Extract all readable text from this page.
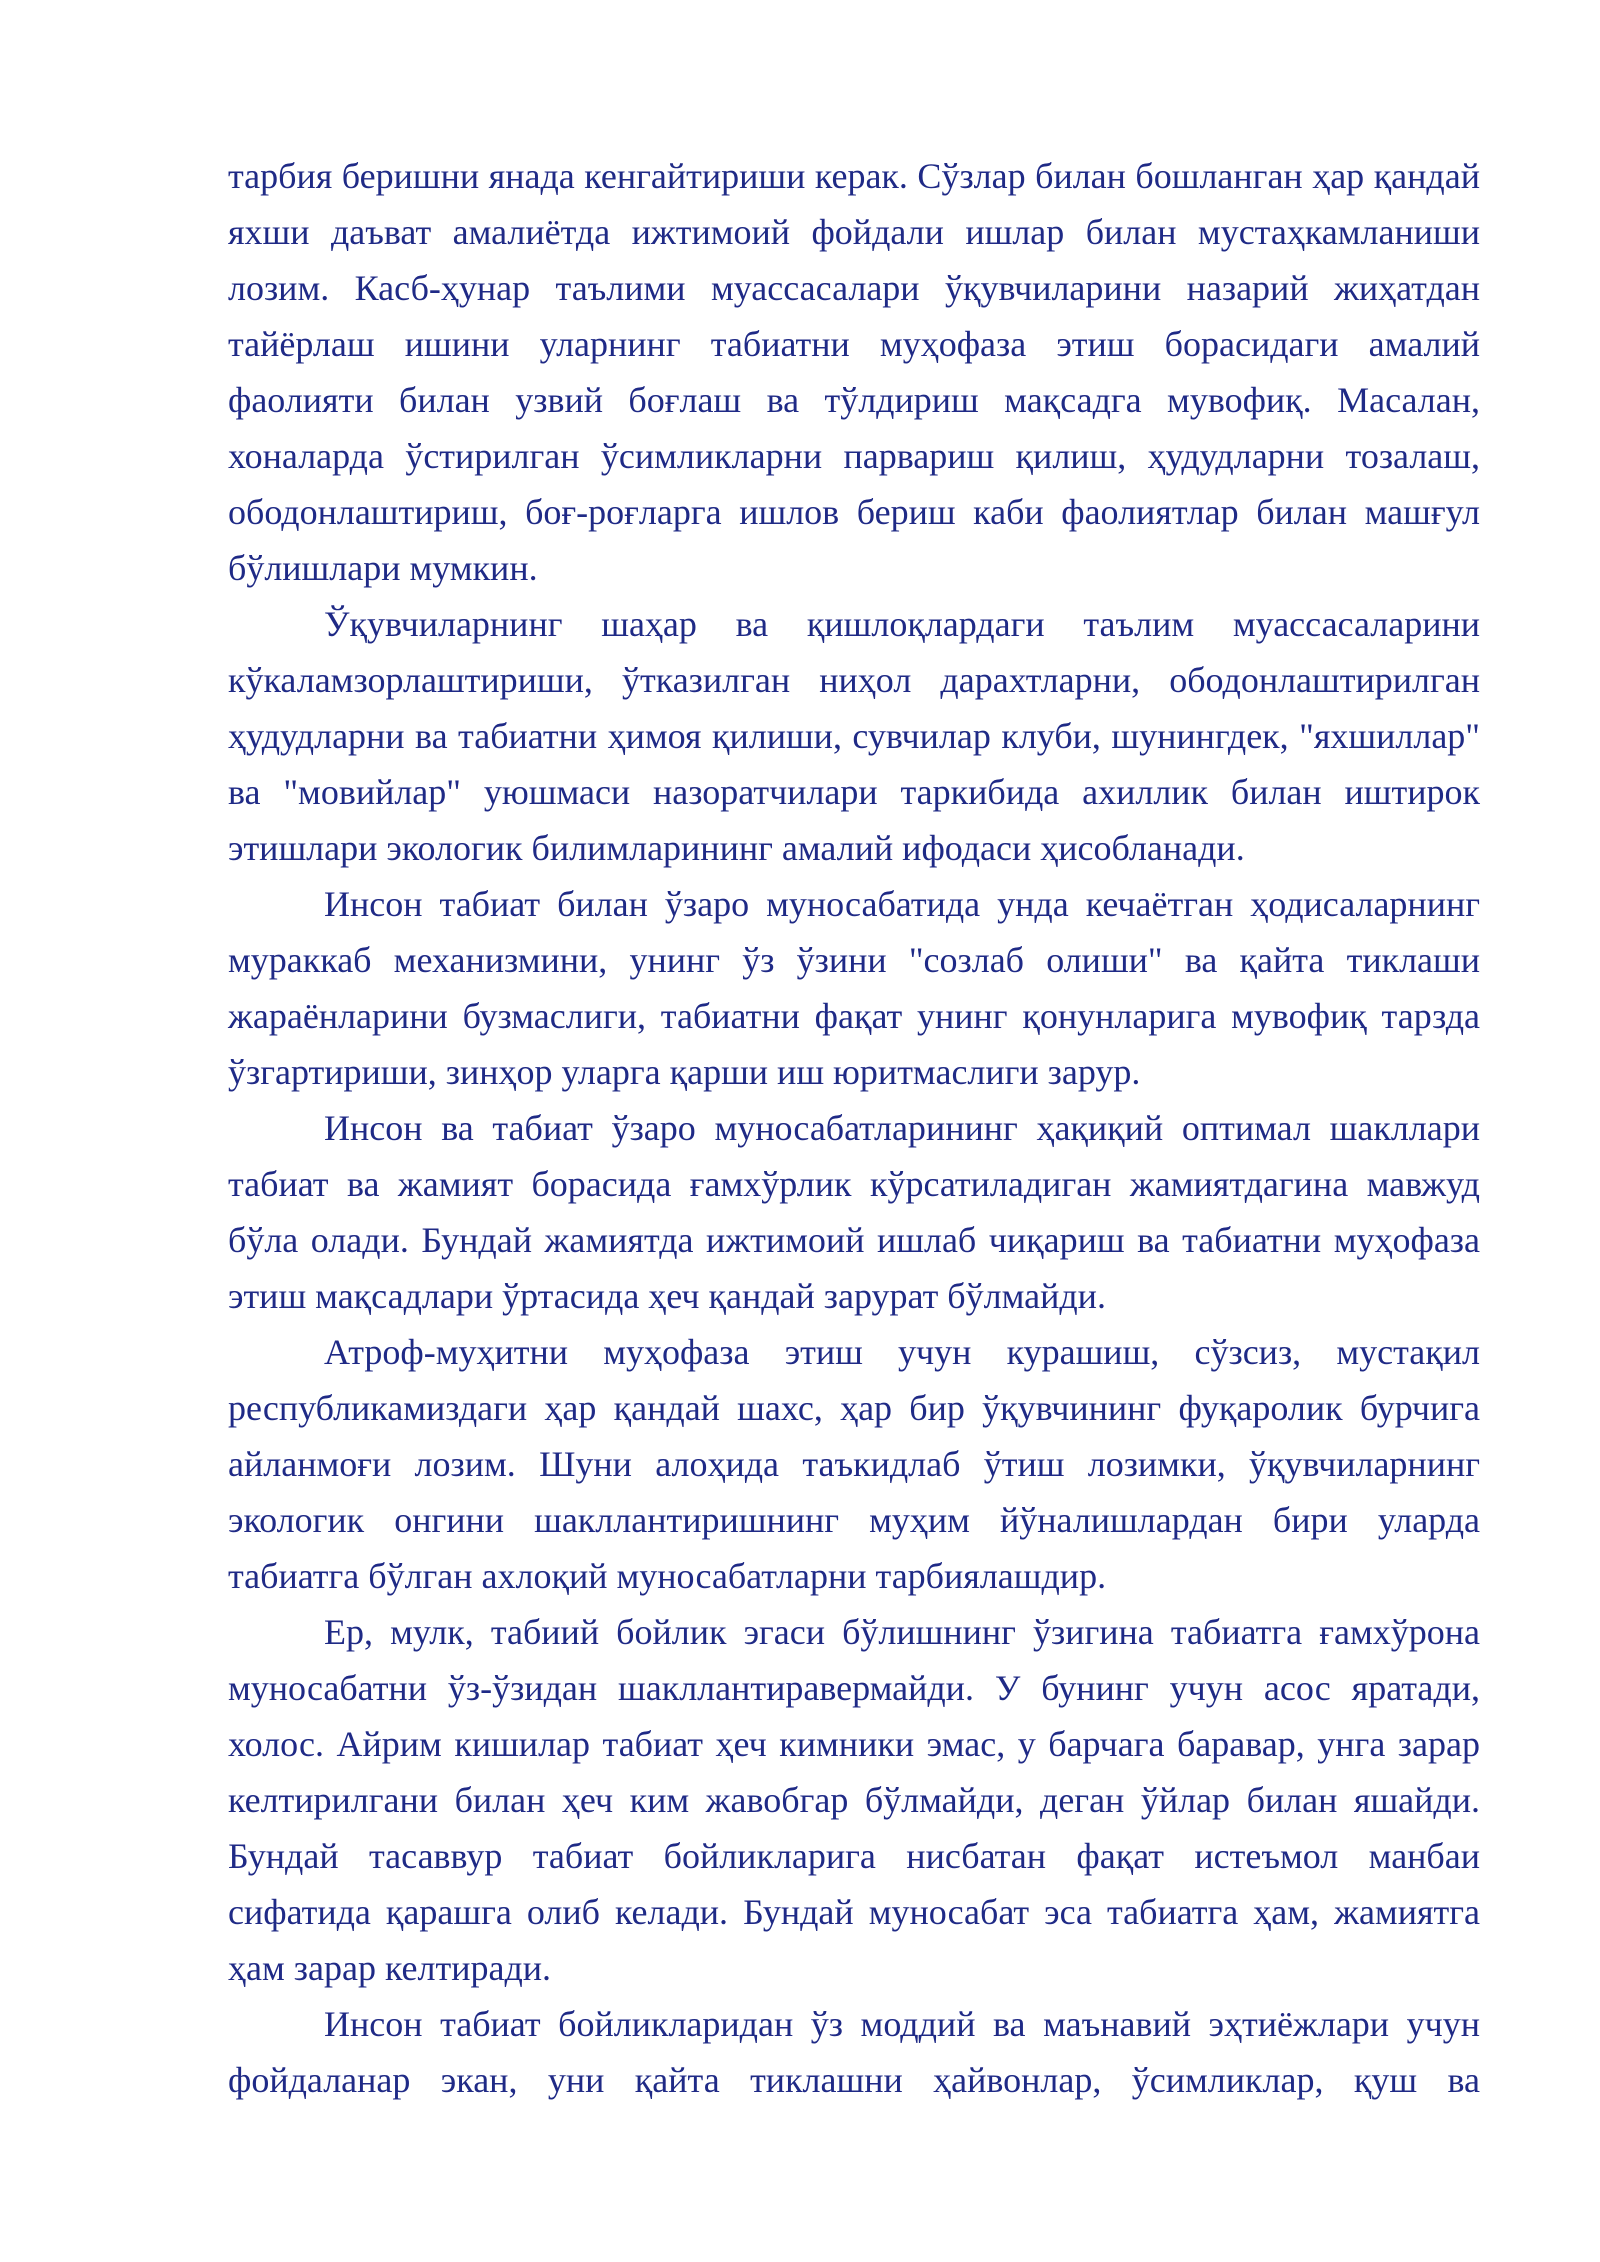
тарбия беришни янада кенгайтириши керак. Сўзлар билан бошланган ҳар қандай яхши даъват амалиётда ижтимоий фойдали ишлар билан мустаҳкамланиши лозим. Касб-ҳунар таълими муассасалари ўқувчиларини назарий жиҳатдан тайёрлаш ишини уларнинг табиатни муҳофаза этиш борасидаги амалий фаолияти билан узвий боғлаш ва тўлдириш мақсадга мувофиқ. Масалан, хоналарда ўстирилган ўсимликларни парвариш қилиш, ҳудудларни тозалаш, ободонлаштириш, боғ-роғларга ишлов бериш каби фаолиятлар билан машғул бўлишлари мумкин.

Ўқувчиларнинг шаҳар ва қишлоқлардаги таълим муассасаларини кўкаламзорлаштириши, ўтказилган ниҳол дарахтларни, ободонлаштирилган ҳудудларни ва табиатни ҳимоя қилиши, сувчилар клуби, шунингдек, "яхшиллар" ва "мовийлар" уюшмаси назоратчилари таркибида ахиллик билан иштирок этишлари экологик билимларининг амалий ифодаси ҳисобланади.

Инсон табиат билан ўзаро муносабатида унда кечаётган ҳодисаларнинг мураккаб механизмини, унинг ўз ўзини "созлаб олиши" ва қайта тиклаши жараёнларини бузмаслиги, табиатни фақат унинг қонунларига мувофиқ тарзда ўзгартириши, зинҳор уларга қарши иш юритмаслиги зарур.

Инсон ва табиат ўзаро муносабатларининг ҳақиқий оптимал шакллари табиат ва жамият борасида ғамхўрлик кўрсатиладиган жамиятдагина мавжуд бўла олади. Бундай жамиятда ижтимоий ишлаб чиқариш ва табиатни муҳофаза этиш мақсадлари ўртасида ҳеч қандай зарурат бўлмайди.

Атроф-муҳитни муҳофаза этиш учун курашиш, сўзсиз, мустақил республикамиздаги ҳар қандай шахс, ҳар бир ўқувчининг фуқаролик бурчига айланмоғи лозим. Шуни алоҳида таъкидлаб ўтиш лозимки, ўқувчиларнинг экологик онгини шакллантиришнинг муҳим йўналишлардан бири уларда табиатга бўлган ахлоқий муносабатларни тарбиялашдир.

Ер, мулк, табиий бойлик эгаси бўлишнинг ўзигина табиатга ғамхўрона муносабатни ўз-ўзидан шакллантиравермайди. У бунинг учун асос яратади, холос. Айрим кишилар табиат ҳеч кимники эмас, у барчага баравар, унга зарар келтирилгани билан ҳеч ким жавобгар бўлмайди, деган ўйлар билан яшайди. Бундай тасаввур табиат бойликларига нисбатан фақат истеъмол манбаи сифатида қарашга олиб келади. Бундай муносабат эса табиатга ҳам, жамиятга ҳам зарар келтиради.

Инсон табиат бойликларидан ўз моддий ва маънавий эҳтиёжлари учун фойдаланар экан, уни қайта тиклашни ҳайвонлар, ўсимликлар, қуш ва
